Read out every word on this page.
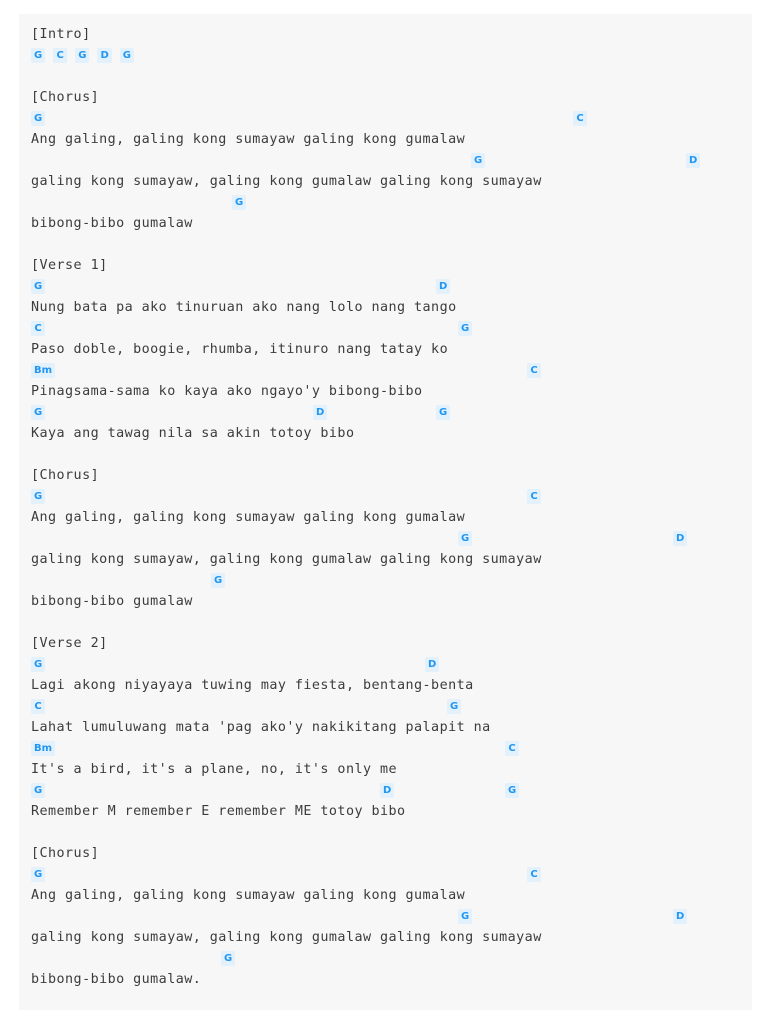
[Intro]
G	C	G	D	G
[Chorus]
G	C
Ang galing, galing kong sumayaw galing kong gumalaw
G	D
galing kong sumayaw, galing kong gumalaw galing kong sumayaw
G
bibong-bibo gumalaw
[Verse 1]
G	D
Nung bata pa ako tinuruan ako nang lolo nang tango
C	G
Paso doble, boogie, rhumba, itinuro nang tatay ko
Bm	C
Pinagsama-sama ko kaya ako ngayo'y bibong-bibo
G	D	G
Kaya ang tawag nila sa akin totoy bibo
[Chorus]
G	C
Ang galing, galing kong sumayaw galing kong gumalaw
G	D
galing kong sumayaw, galing kong gumalaw galing kong sumayaw
G
bibong-bibo gumalaw
[Verse 2]
G	D
Lagi akong niyayaya tuwing may fiesta, bentang-benta
C	G
Lahat lumuluwang mata 'pag ako'y nakikitang palapit na
Bm	C
It's a bird, it's a plane, no, it's only me
G	D	G
Remember M remember E remember ME totoy bibo
[Chorus]
G	C
Ang galing, galing kong sumayaw galing kong gumalaw
G	D
galing kong sumayaw, galing kong gumalaw galing kong sumayaw
G
bibong-bibo gumalaw.
